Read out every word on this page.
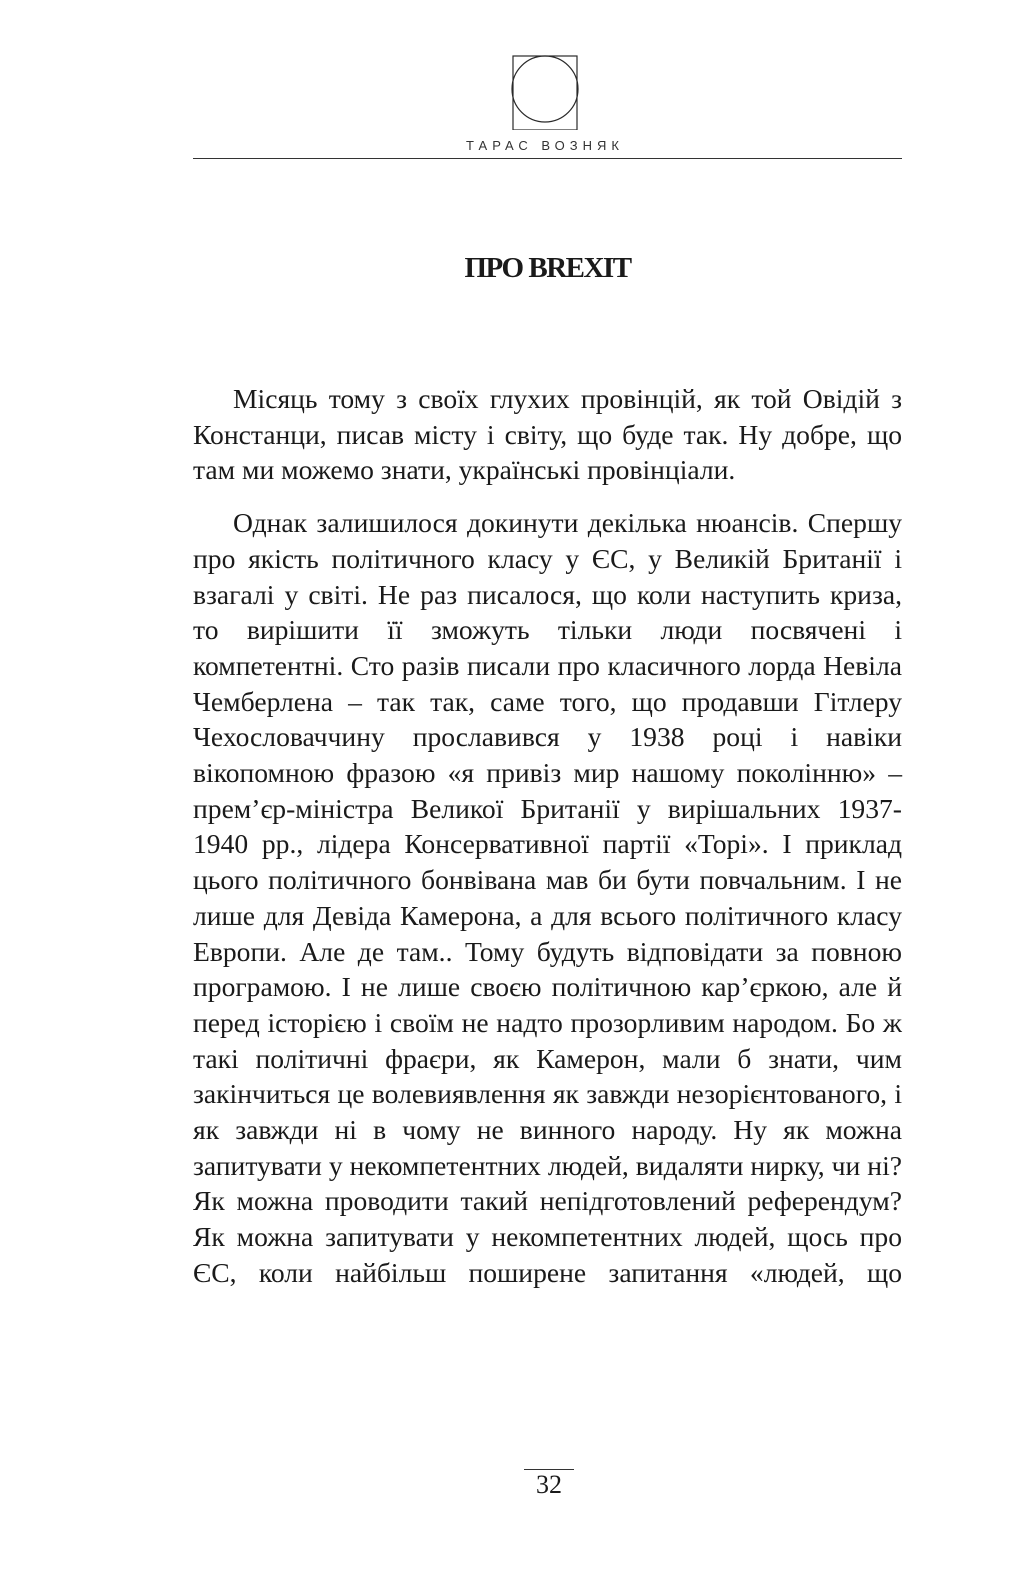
ТАРАС ВОЗНЯК
ПРО BREXIT

Місяць тому з своїх глухих провінцій, як той Овідій з Констанци, писав місту і світу, що буде так. Ну добре, що там ми можемо знати, українські провінціали.

Однак залишилося докинути декілька нюансів. Спершу про якість політичного класу у ЄС, у Великій Британії і взагалі у світі. Не раз писалося, що коли наступить криза, то вирішити її зможуть тільки люди посвячені і компетентні. Сто разів писали про класичного лорда Невіла Чемберлена – так так, саме того, що продавши Гітлеру Чехословаччину прославився у 1938 році і навіки вікопомною фразою «я привіз мир нашому поколінню» – прем’єр-міністра Великої Британії у вирішальних 1937-1940 рр., лідера Консервативної партії «Торі». І приклад цього політичного бонвівана мав би бути повчальним. І не лише для Девіда Камерона, а для всього політичного класу Европи. Але де там.. Тому будуть відповідати за повною програмою. І не лише своєю політичною кар’єркою, але й перед історією і своїм не надто прозорливим народом. Бо ж такі політичні фраєри, як Камерон, мали б знати, чим закінчиться це волевиявлення як завжди незорієнтованого, і як завжди ні в чому не винного народу. Ну як можна запитувати у некомпетентних людей, видаляти нирку, чи ні? Як можна проводити такий непідготовлений референдум? Як можна запитувати у некомпетентних людей, щось про ЄС, коли найбільш поширене запитання «людей, що

32
